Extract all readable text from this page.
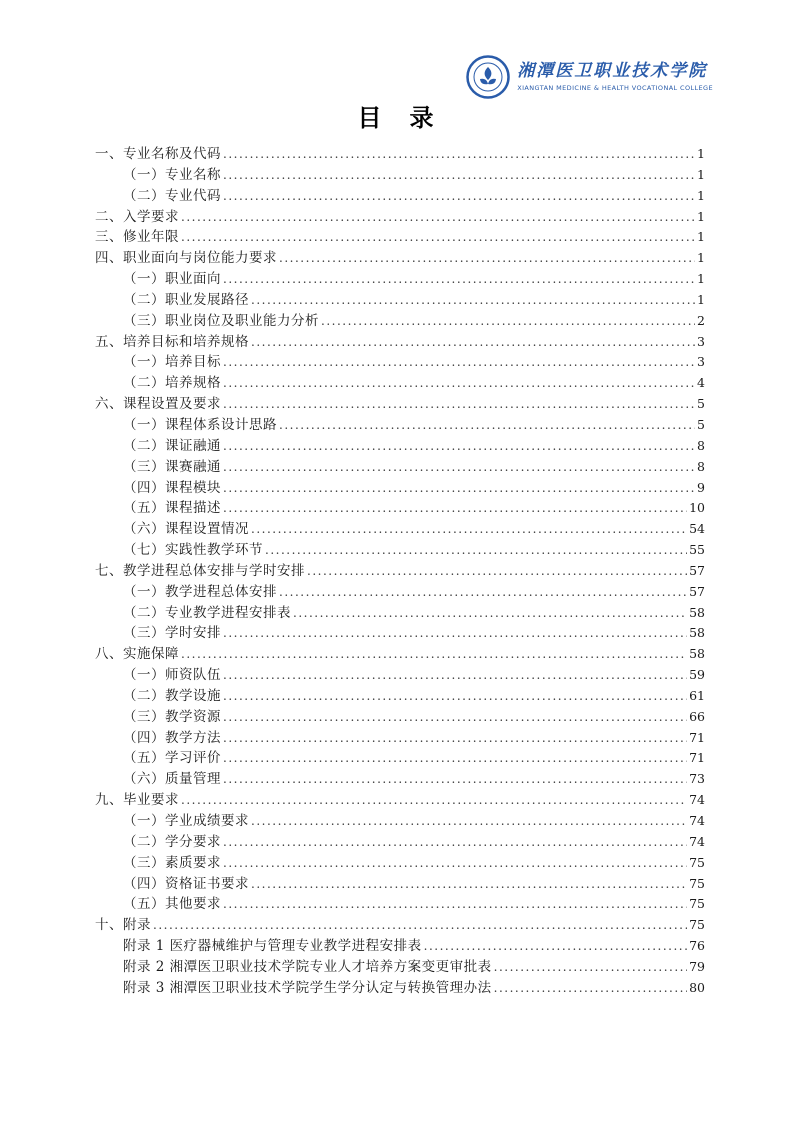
湘潭医卫职业技术学院
XIANGTAN MEDICINE & HEALTH VOCATIONAL COLLEGE
目　录
一、专业名称及代码 .....	1
（一）专业名称 .....	1
（二）专业代码 .....	1
二、入学要求 .....	1
三、修业年限 .....	1
四、职业面向与岗位能力要求 .....	1
（一）职业面向 .....	1
（二）职业发展路径 .....	1
（三）职业岗位及职业能力分析 .....	2
五、培养目标和培养规格 .....	3
（一）培养目标 .....	3
（二）培养规格 .....	4
六、课程设置及要求 .....	5
（一）课程体系设计思路 .....	5
（二）课证融通 .....	8
（三）课赛融通 .....	8
（四）课程模块 .....	9
（五）课程描述 .....	10
（六）课程设置情况 .....	54
（七）实践性教学环节 .....	55
七、教学进程总体安排与学时安排 .....	57
（一）教学进程总体安排 .....	57
（二）专业教学进程安排表 .....	58
（三）学时安排 .....	58
八、实施保障 .....	58
（一）师资队伍 .....	59
（二）教学设施 .....	61
（三）教学资源 .....	66
（四）教学方法 .....	71
（五）学习评价 .....	71
（六）质量管理 .....	73
九、毕业要求 .....	74
（一）学业成绩要求 .....	74
（二）学分要求 .....	74
（三）素质要求 .....	75
（四）资格证书要求 .....	75
（五）其他要求 .....	75
十、附录 .....	75
附录 1 医疗器械维护与管理专业教学进程安排表 .....	76
附录 2 湘潭医卫职业技术学院专业人才培养方案变更审批表 .....	79
附录 3 湘潭医卫职业技术学院学生学分认定与转换管理办法 .....	80
